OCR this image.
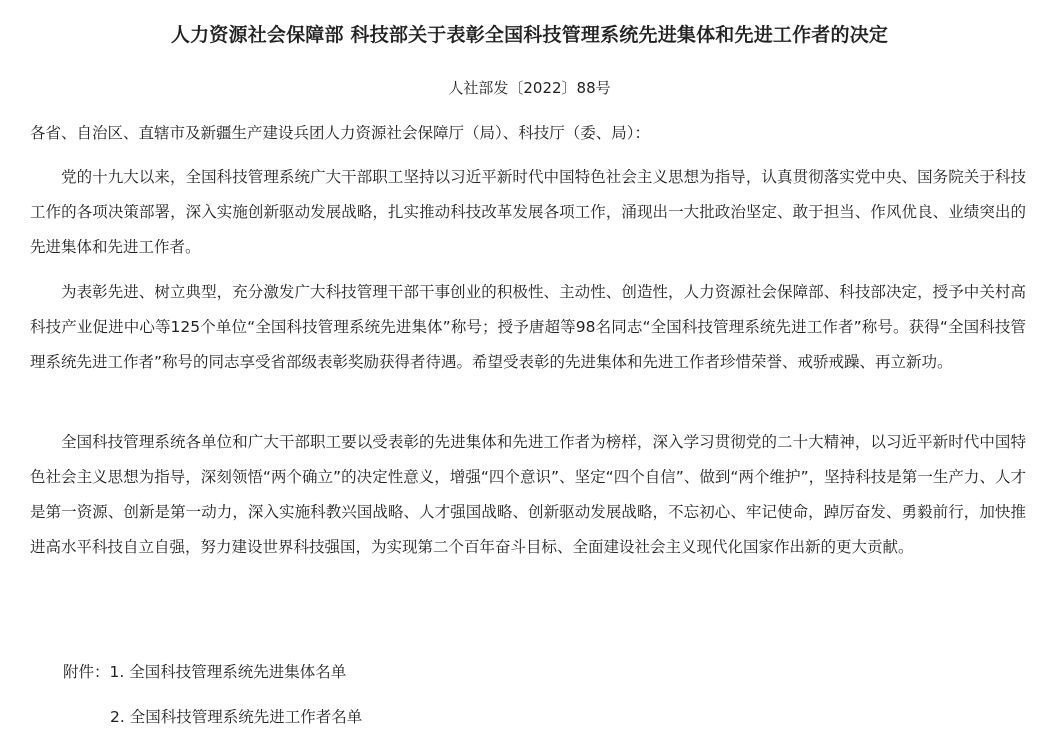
人力资源社会保障部 科技部关于表彰全国科技管理系统先进集体和先进工作者的决定
人社部发〔2022〕88号
各省、自治区、直辖市及新疆生产建设兵团人力资源社会保障厅（局）、科技厅（委、局）：

党的十九大以来，全国科技管理系统广大干部职工坚持以习近平新时代中国特色社会主义思想为指导，认真贯彻落实党中央、国务院关于科技工作的各项决策部署，深入实施创新驱动发展战略，扎实推动科技改革发展各项工作，涌现出一大批政治坚定、敢于担当、作风优良、业绩突出的先进集体和先进工作者。

为表彰先进、树立典型，充分激发广大科技管理干部干事创业的积极性、主动性、创造性，人力资源社会保障部、科技部决定，授予中关村高科技产业促进中心等125个单位“全国科技管理系统先进集体”称号；授予唐超等98名同志“全国科技管理系统先进工作者”称号。获得“全国科技管理系统先进工作者”称号的同志享受省部级表彰奖励获得者待遇。希望受表彰的先进集体和先进工作者珍惜荣誉、戒骄戒躁、再立新功。

全国科技管理系统各单位和广大干部职工要以受表彰的先进集体和先进工作者为榜样，深入学习贯彻党的二十大精神，以习近平新时代中国特色社会主义思想为指导，深刻领悟“两个确立”的决定性意义，增强“四个意识”、坚定“四个自信”、做到“两个维护”，坚持科技是第一生产力、人才是第一资源、创新是第一动力，深入实施科教兴国战略、人才强国战略、创新驱动发展战略，不忘初心、牢记使命，踔厉奋发、勇毅前行，加快推进高水平科技自立自强，努力建设世界科技强国，为实现第二个百年奋斗目标、全面建设社会主义现代化国家作出新的更大贡献。

附件：1. 全国科技管理系统先进集体名单
2. 全国科技管理系统先进工作者名单
